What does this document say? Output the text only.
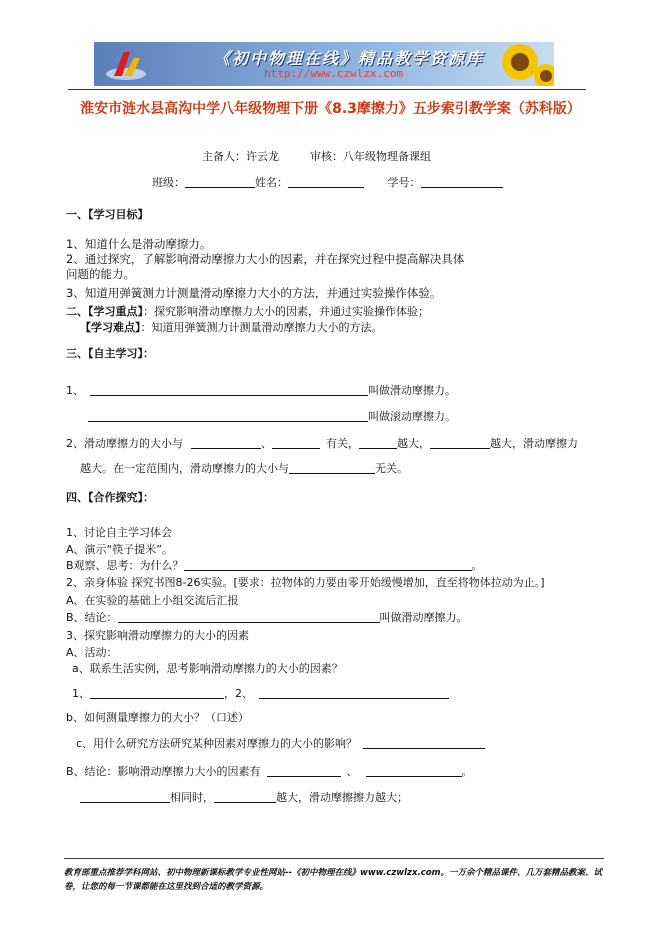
《初中物理在线》精品教学资源库
http://www.czwlzx.com
淮安市涟水县高沟中学八年级物理下册《8.3摩擦力》五步索引教学案（苏科版）
主备人：许云龙	审核：八年级物理备课组
班级：	姓名：	学号：
一、【学习目标】
1、知道什么是滑动摩擦力。
2、通过探究，了解影响滑动摩擦力大小的因素，并在探究过程中提高解决具体
问题的能力。
3、知道用弹簧测力计测量滑动摩擦力大小的方法，并通过实验操作体验。
二、【学习重点】：探究影响滑动摩擦力大小的因素，并通过实验操作体验；
【学习难点】：知道用弹簧测力计测量滑动摩擦力大小的方法。
三、【自主学习】：
1、	叫做滑动摩擦力。
叫做滚动摩擦力。
2、滑动摩擦力的大小与	、	有关，	越大，	越大，滑动摩擦力
越大。在一定范围内，滑动摩擦力的大小与	无关。
四、【合作探究】：
1、讨论自主学习体会
A、演示“筷子提米”。
B观察、思考：为什么？	。
2、亲身体验 探究书图8-26实验。[要求：拉物体的力要由零开始缓慢增加，直至将物体拉动为止。]
A、在实验的基础上小组交流后汇报
B、结论：	叫做滑动摩擦力。
3、探究影响滑动摩擦力的大小的因素
A、活动：
a、联系生活实例，思考影响滑动摩擦力的大小的因素？
1、	，2、
b、如何测量摩擦力的大小？（口述）
c、用什么研究方法研究某种因素对摩擦力的大小的影响？
B、结论：影响滑动摩擦力大小的因素有	、	。
相同时，	越大，滑动摩擦擦力越大；
教育部重点推荐学科网站、初中物理新课标教学专业性网站--《初中物理在线》www.czwlzx.com。一万余个精品课件、几万套精品教案、试卷，让您的每一节课都能在这里找到合适的教学资源。
